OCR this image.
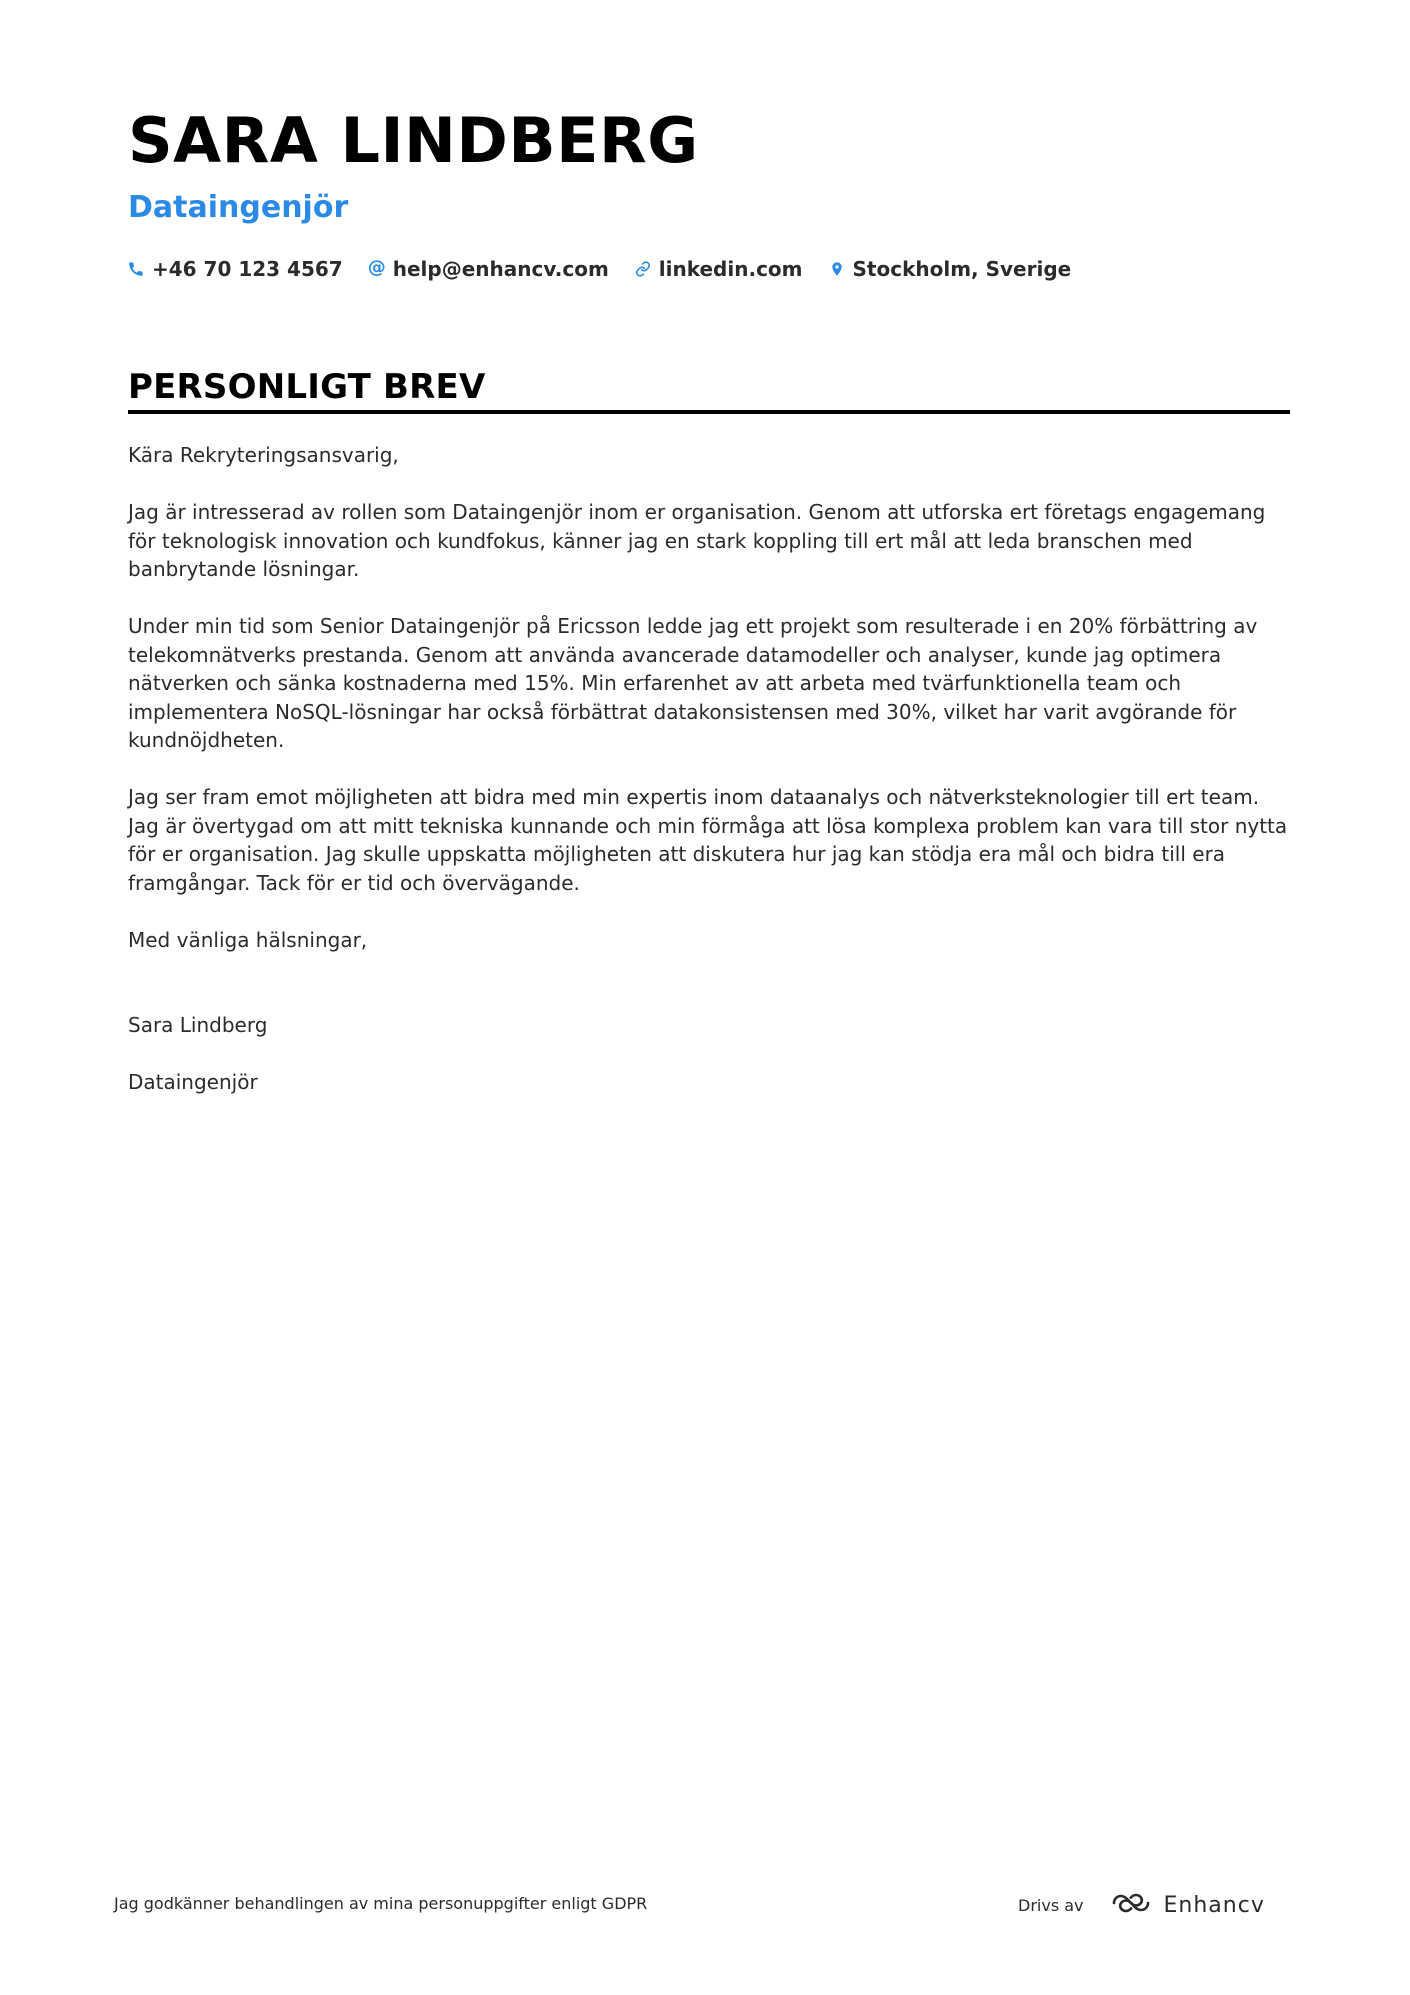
SARA LINDBERG
Dataingenjör
+46 70 123 4567 @ help@enhancv.com	linkedin.com	Stockholm, Sverige
PERSONLIGT BREV

Kära Rekryteringsansvarig,

Jag är intresserad av rollen som Dataingenjör inom er organisation. Genom att utforska ert företags engagemang för teknologisk innovation och kundfokus, känner jag en stark koppling till ert mål att leda branschen med banbrytande lösningar.

Under min tid som Senior Dataingenjör på Ericsson ledde jag ett projekt som resulterade i en 20% förbättring av telekomnätverks prestanda. Genom att använda avancerade datamodeller och analyser, kunde jag optimera nätverken och sänka kostnaderna med 15%. Min erfarenhet av att arbeta med tvärfunktionella team och implementera NoSQL-lösningar har också förbättrat datakonsistensen med 30%, vilket har varit avgörande för kundnöjdheten.

Jag ser fram emot möjligheten att bidra med min expertis inom dataanalys och nätverksteknologier till ert team. Jag är övertygad om att mitt tekniska kunnande och min förmåga att lösa komplexa problem kan vara till stor nytta för er organisation. Jag skulle uppskatta möjligheten att diskutera hur jag kan stödja era mål och bidra till era framgångar. Tack för er tid och övervägande.

Med vänliga hälsningar,

Sara Lindberg

Dataingenjör

Jag godkänner behandlingen av mina personuppgifter enligt GDPR	Drivs av	Enhancv
